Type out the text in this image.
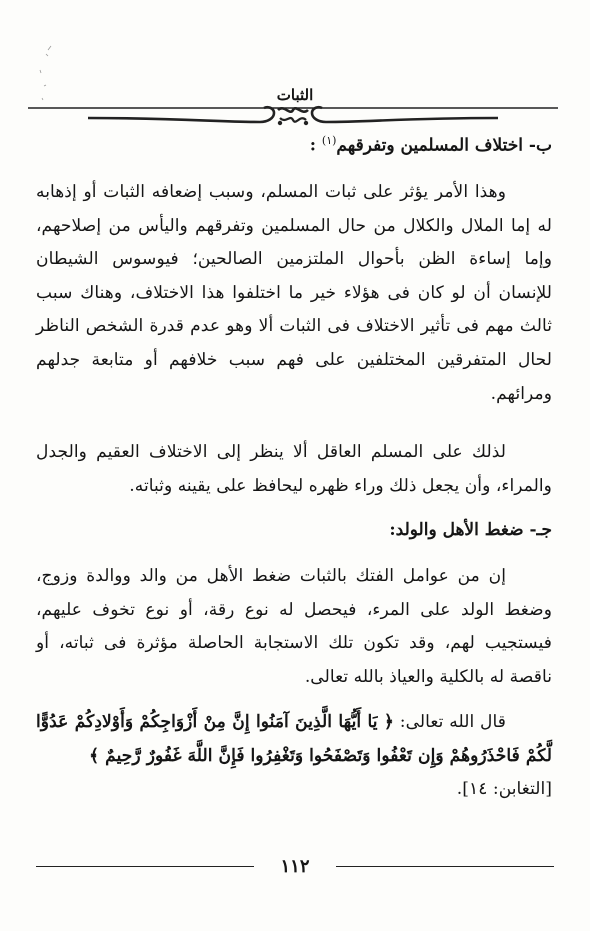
الثبات
ب- اختلاف المسلمين وتفرقهم$^{(١)}$ :

وهذا الأمر يؤثر على ثبات المسلم، وسبب إضعافه الثبات أو إذهابه له إما الملال والكلال من حال المسلمين وتفرقهم واليأس من إصلاحهم، وإما إساءة الظن بأحوال الملتزمين الصالحين؛ فيوسوس الشيطان للإنسان أن لو كان فى هؤلاء خير ما اختلفوا هذا الاختلاف، وهناك سبب ثالث مهم فى تأثير الاختلاف فى الثبات ألا وهو عدم قدرة الشخص الناظر لحال المتفرقين المختلفين على فهم سبب خلافهم أو متابعة جدلهم ومرائهم.

لذلك على المسلم العاقل ألا ينظر إلى الاختلاف العقيم والجدل والمراء، وأن يجعل ذلك وراء ظهره ليحافظ على يقينه وثباته.

جـ- ضغط الأهل والولد:

إن من عوامل الفتك بالثبات ضغط الأهل من والد ووالدة وزوج، وضغط الولد على المرء، فيحصل له نوع رقة، أو نوع تخوف عليهم، فيستجيب لهم، وقد تكون تلك الاستجابة الحاصلة مؤثرة فى ثباته، أو ناقصة له بالكلية والعياذ بالله تعالى.

قال الله تعالى: ﴿ يَا أَيُّهَا الَّذِينَ آمَنُوا إِنَّ مِنْ أَزْوَاجِكُمْ وَأَوْلادِكُمْ عَدُوًّا لَّكُمْ فَاحْذَرُوهُمْ وَإِن تَعْفُوا وَتَصْفَحُوا وَتَغْفِرُوا فَإِنَّ اللَّهَ غَفُورٌ رَّحِيمٌ ﴾

[التغابن: ١٤].

١١٢
